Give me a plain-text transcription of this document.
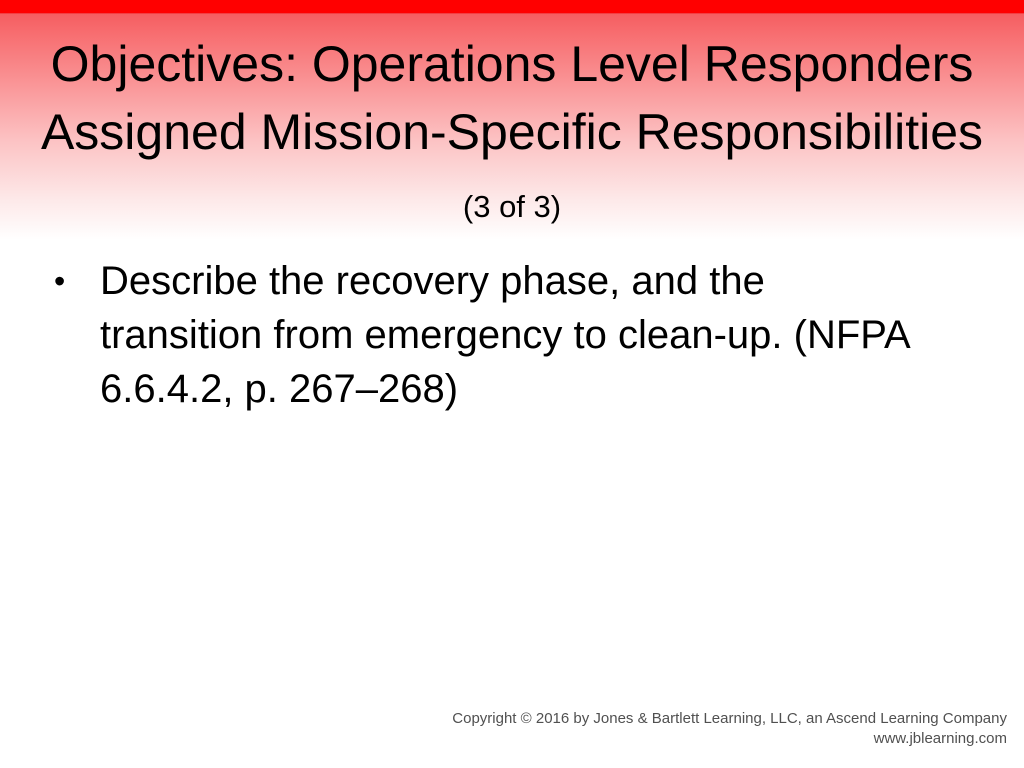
Objectives: Operations Level Responders Assigned Mission-Specific Responsibilities (3 of 3)
• Describe the recovery phase, and the transition from emergency to clean-up. (NFPA 6.6.4.2, p. 267–268)
Copyright © 2016 by Jones & Bartlett Learning, LLC, an Ascend Learning Company
www.jblearning.com
